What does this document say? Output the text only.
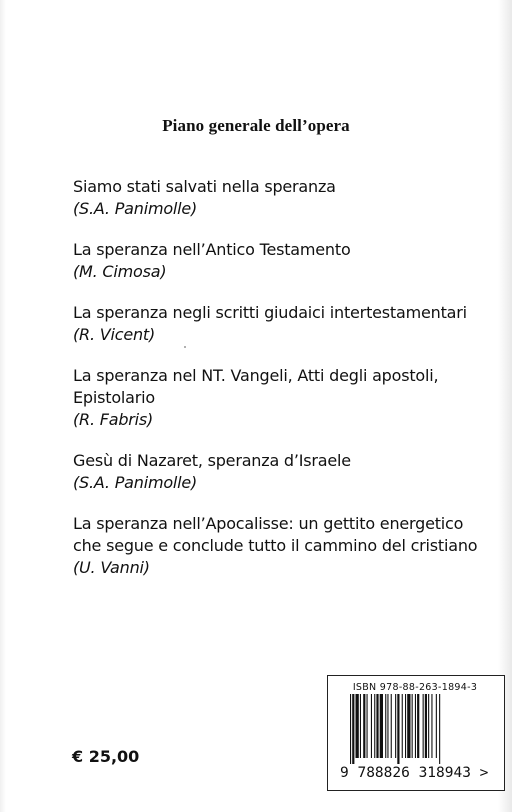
Piano generale dell’opera
Siamo stati salvati nella speranza
(S.A. Panimolle)
La speranza nell’Antico Testamento
(M. Cimosa)
La speranza negli scritti giudaici intertestamentari
(R. Vicent)
La speranza nel NT. Vangeli, Atti degli apostoli,
Epistolario
(R. Fabris)
Gesù di Nazaret, speranza d’Israele
(S.A. Panimolle)
La speranza nell’Apocalisse: un gettito energetico
che segue e conclude tutto il cammino del cristiano
(U. Vanni)
€ 25,00
ISBN 978-88-263-1894-3
9 788826 318943 >
